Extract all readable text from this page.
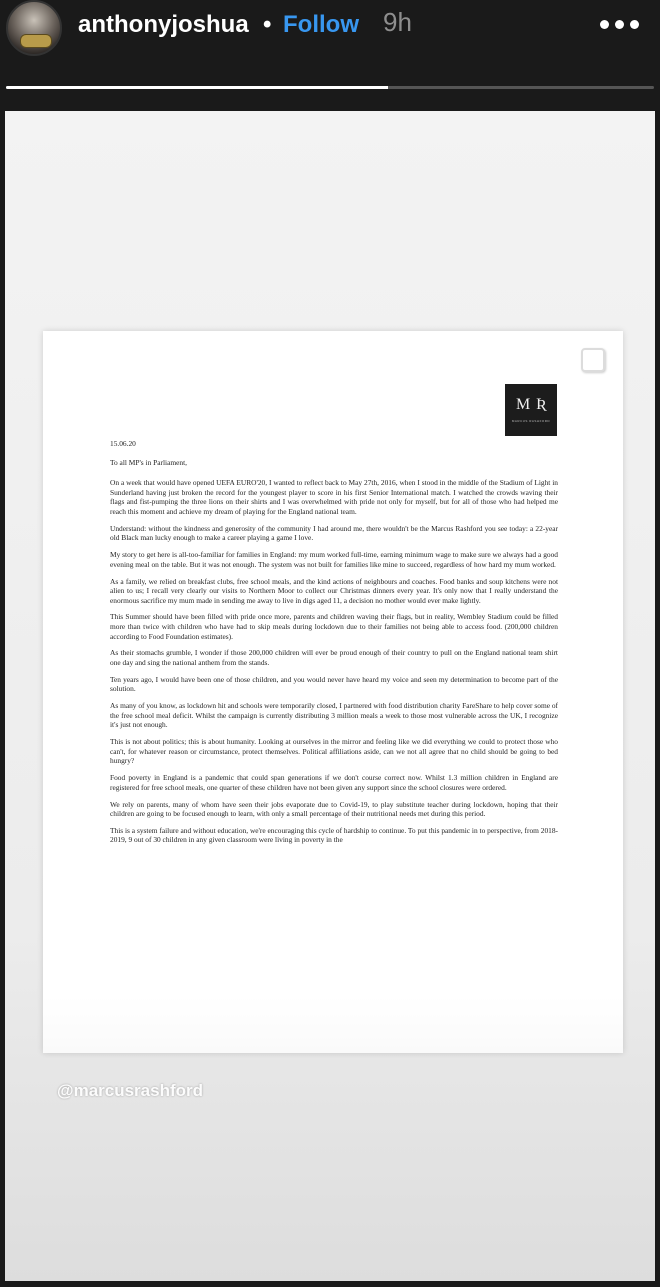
anthonyjoshua • Follow 9h
M Ʀ
MARCUS RASHFORD

15.06.20

To all MP's in Parliament,

On a week that would have opened UEFA EURO'20, I wanted to reflect back to May 27th, 2016, when I stood in the middle of the Stadium of Light in Sunderland having just broken the record for the youngest player to score in his first Senior International match. I watched the crowds waving their flags and fist-pumping the three lions on their shirts and I was overwhelmed with pride not only for myself, but for all of those who had helped me reach this moment and achieve my dream of playing for the England national team.

Understand: without the kindness and generosity of the community I had around me, there wouldn't be the Marcus Rashford you see today: a 22-year old Black man lucky enough to make a career playing a game I love.

My story to get here is all-too-familiar for families in England: my mum worked full-time, earning minimum wage to make sure we always had a good evening meal on the table. But it was not enough. The system was not built for families like mine to succeed, regardless of how hard my mum worked.

As a family, we relied on breakfast clubs, free school meals, and the kind actions of neighbours and coaches. Food banks and soup kitchens were not alien to us; I recall very clearly our visits to Northern Moor to collect our Christmas dinners every year. It's only now that I really understand the enormous sacrifice my mum made in sending me away to live in digs aged 11, a decision no mother would ever make lightly.

This Summer should have been filled with pride once more, parents and children waving their flags, but in reality, Wembley Stadium could be filled more than twice with children who have had to skip meals during lockdown due to their families not being able to access food. (200,000 children according to Food Foundation estimates).

As their stomachs grumble, I wonder if those 200,000 children will ever be proud enough of their country to pull on the England national team shirt one day and sing the national anthem from the stands.

Ten years ago, I would have been one of those children, and you would never have heard my voice and seen my determination to become part of the solution.

As many of you know, as lockdown hit and schools were temporarily closed, I partnered with food distribution charity FareShare to help cover some of the free school meal deficit. Whilst the campaign is currently distributing 3 million meals a week to those most vulnerable across the UK, I recognize it's just not enough.

This is not about politics; this is about humanity. Looking at ourselves in the mirror and feeling like we did everything we could to protect those who can't, for whatever reason or circumstance, protect themselves. Political affiliations aside, can we not all agree that no child should be going to bed hungry?

Food poverty in England is a pandemic that could span generations if we don't course correct now. Whilst 1.3 million children in England are registered for free school meals, one quarter of these children have not been given any support since the school closures were ordered.

We rely on parents, many of whom have seen their jobs evaporate due to Covid-19, to play substitute teacher during lockdown, hoping that their children are going to be focused enough to learn, with only a small percentage of their nutritional needs met during this period.

This is a system failure and without education, we're encouraging this cycle of hardship to continue. To put this pandemic in to perspective, from 2018-2019, 9 out of 30 children in any given classroom were living in poverty in the

@marcusrashford
